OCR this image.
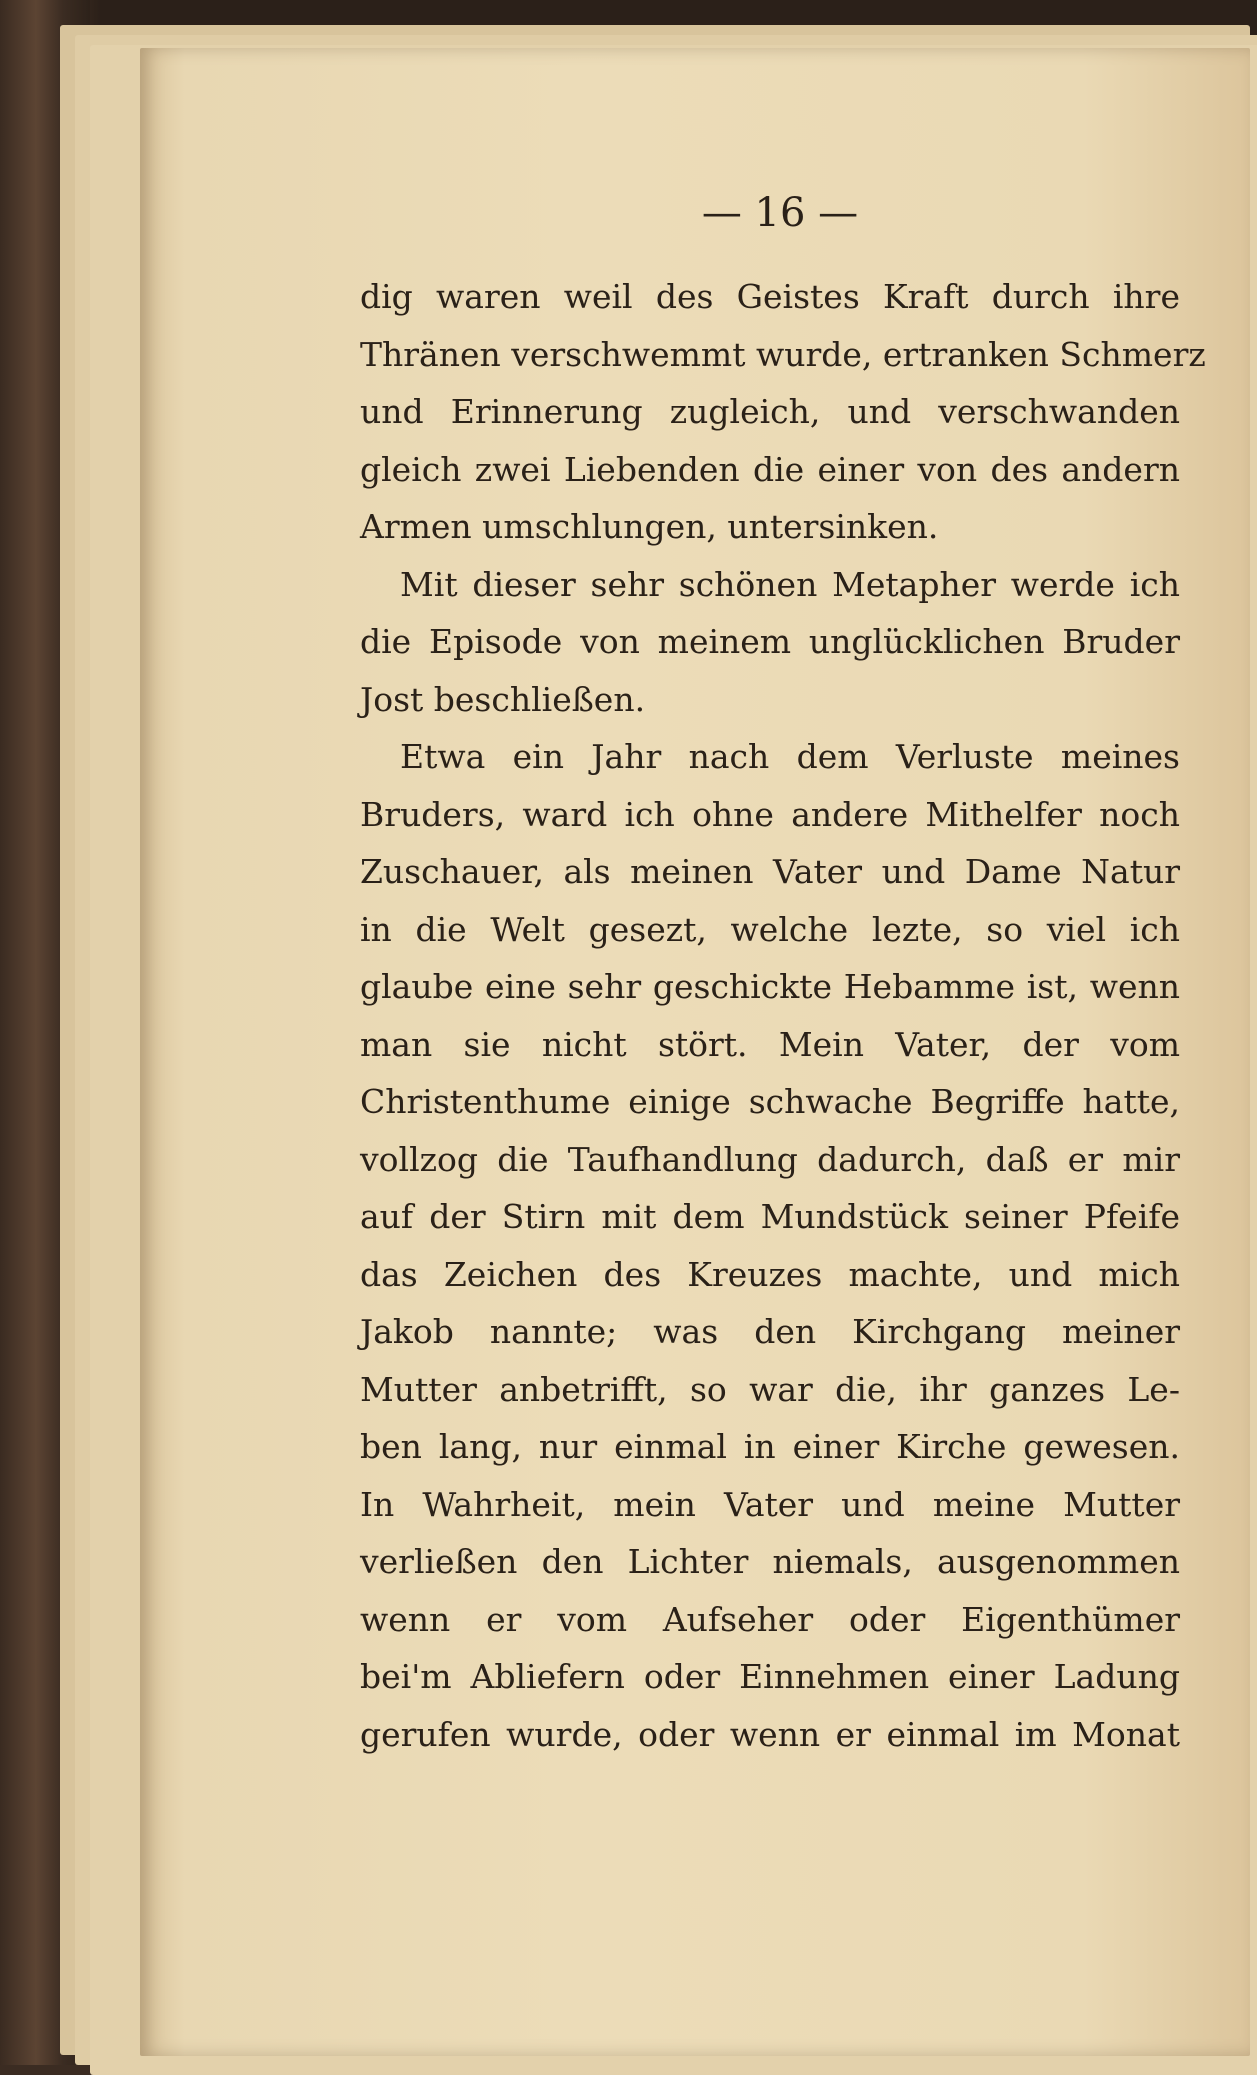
— 16 —
dig waren weil des Geistes Kraft durch ihre
Thränen verschwemmt wurde, ertranken Schmerz
und Erinnerung zugleich, und verschwanden
gleich zwei Liebenden die einer von des andern
Armen umschlungen, untersinken.
Mit dieser sehr schönen Metapher werde ich
die Episode von meinem unglücklichen Bruder
Jost beschließen.
Etwa ein Jahr nach dem Verluste meines
Bruders, ward ich ohne andere Mithelfer noch
Zuschauer, als meinen Vater und Dame Natur
in die Welt gesezt, welche lezte, so viel ich
glaube eine sehr geschickte Hebamme ist, wenn
man sie nicht stört. Mein Vater, der vom
Christenthume einige schwache Begriffe hatte,
vollzog die Taufhandlung dadurch, daß er mir
auf der Stirn mit dem Mundstück seiner Pfeife
das Zeichen des Kreuzes machte, und mich
Jakob nannte; was den Kirchgang meiner
Mutter anbetrifft, so war die, ihr ganzes Le-
ben lang, nur einmal in einer Kirche gewesen.
In Wahrheit, mein Vater und meine Mutter
verließen den Lichter niemals, ausgenommen
wenn er vom Aufseher oder Eigenthümer
bei'm Abliefern oder Einnehmen einer Ladung
gerufen wurde, oder wenn er einmal im Monat
